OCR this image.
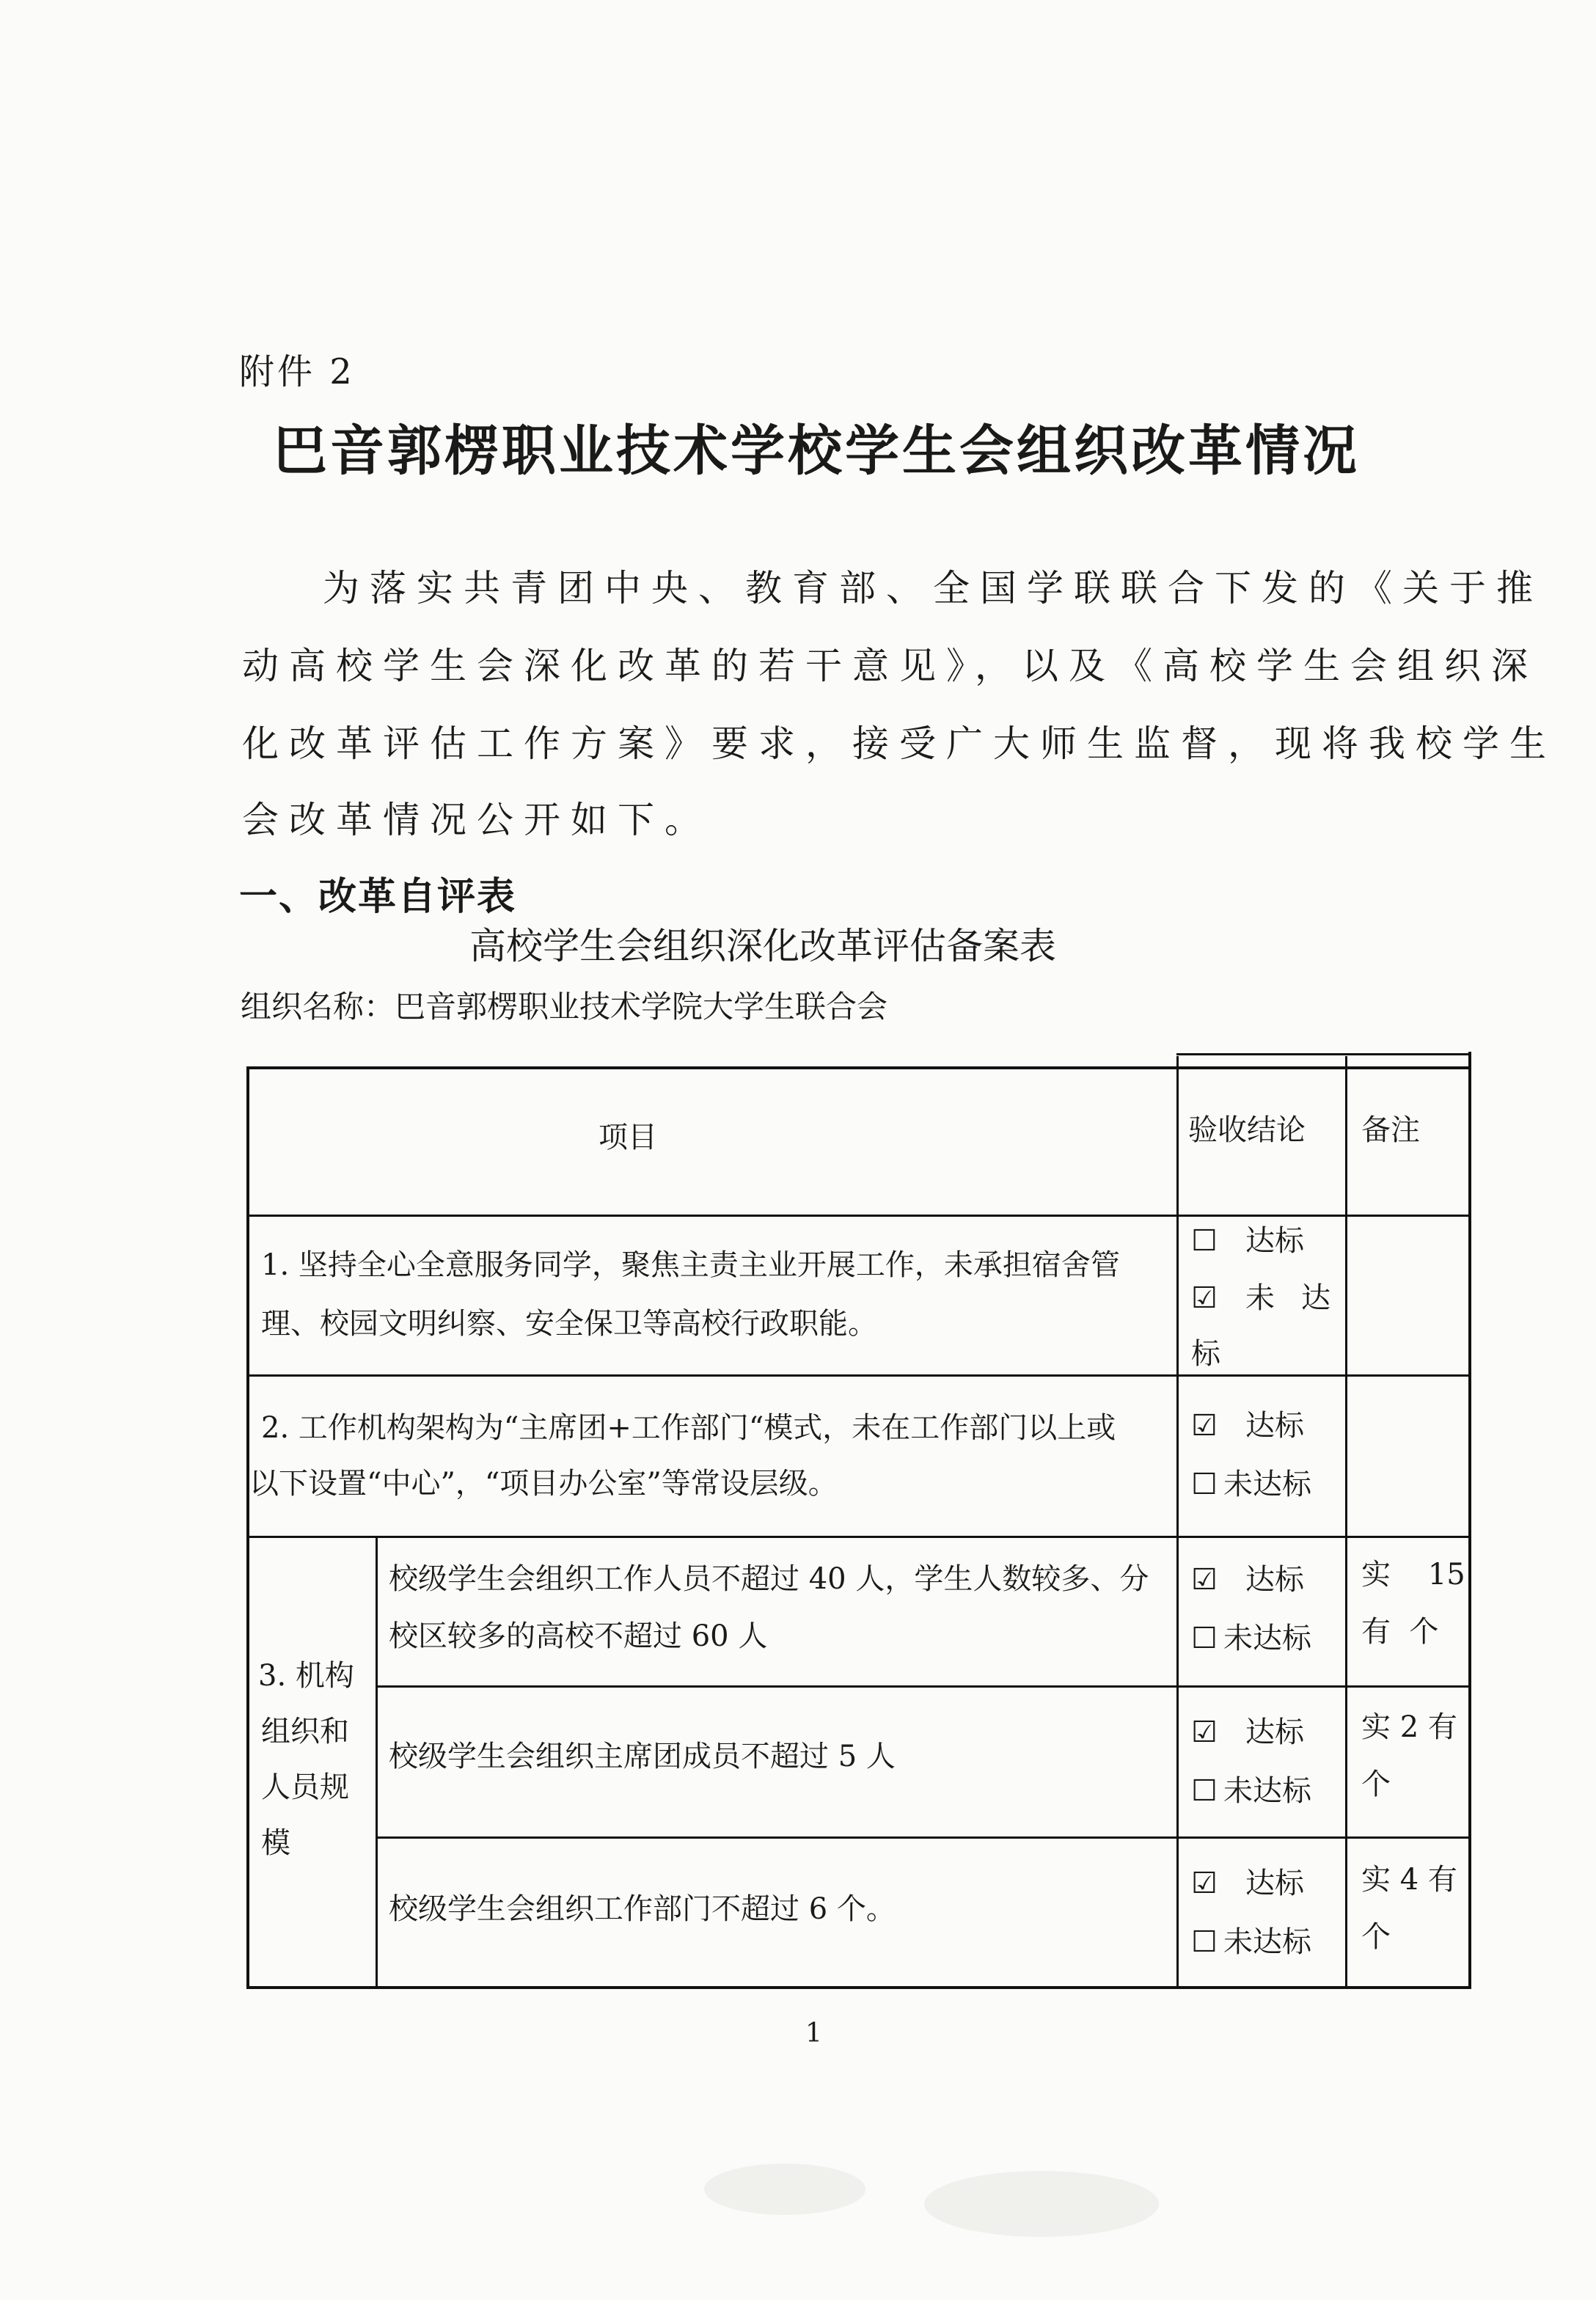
附件 2
巴音郭楞职业技术学校学生会组织改革情况
为落实共青团中央、教育部、全国学联联合下发的《关于推
动高校学生会深化改革的若干意见》，以及《高校学生会组织深
化改革评估工作方案》要求，接受广大师生监督，现将我校学生
会改革情况公开如下。
一、改革自评表
高校学生会组织深化改革评估备案表
组织名称：巴音郭楞职业技术学院大学生联合会
项目	验收结论 备注
1. 坚持全心全意服务同学，聚焦主责主业开展工作，未承担宿舍管
理、校园文明纠察、安全保卫等高校行政职能。
☐ 达标
☑ 未达
标
2. 工作机构架构为“主席团+工作部门“模式，未在工作部门以上或
以下设置“中心”，“项目办公室”等常设层级。
☑ 达标
☐ 未达标
3. 机构
组织和
人员规
模
校级学生会组织工作人员不超过 40 人，学生人数较多、分
校区较多的高校不超过 60 人
☑ 达标
☐ 未达标
实    15
有  个
校级学生会组织主席团成员不超过 5 人
☑ 达标
☐ 未达标
实 2 有
个
校级学生会组织工作部门不超过 6 个。
☑ 达标
☐ 未达标
实 4 有
个
1
